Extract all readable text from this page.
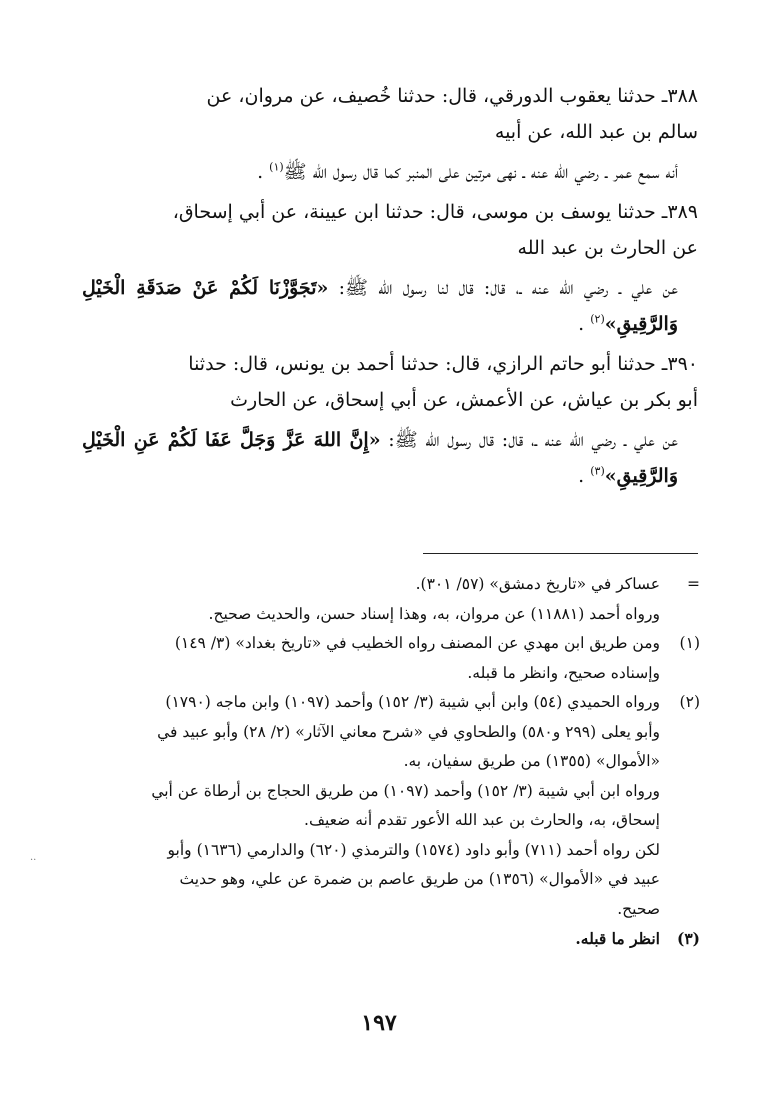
٣٨٨ـ حدثنا يعقوب الدورقي، قال: حدثنا خُصيف، عن مروان، عن
سالم بن عبد الله، عن أبيه

أنه سمع عمر ـ رضي الله عنه ـ نهى مرتين على المنبر كما قال رسول الله ﷺ$^{(١)}$ .

٣٨٩ـ حدثنا يوسف بن موسى، قال: حدثنا ابن عيينة، عن أبي إسحاق،
عن الحارث بن عبد الله

عن علي ـ رضي الله عنه ـ، قال: قال لنا رسول الله ﷺ: «تَجَوَّزْنَا لَكُمْ عَنْ صَدَقَةِ الْخَيْلِ وَالرَّقِيقِ»$^{(٢)}$ .

٣٩٠ـ حدثنا أبو حاتم الرازي، قال: حدثنا أحمد بن يونس، قال: حدثنا
أبو بكر بن عياش، عن الأعمش، عن أبي إسحاق، عن الحارث

عن علي ـ رضي الله عنه ـ، قال: قال رسول الله ﷺ: «إِنَّ اللهَ عَزَّ وَجَلَّ عَفَا لَكُمْ عَنِ الْخَيْلِ وَالرَّقِيقِ»$^{(٣)}$ .

=
عساكر في «تاريخ دمشق» (٥٧/ ٣٠١).
ورواه أحمد (١١٨٨١) عن مروان، به، وهذا إسناد حسن، والحديث صحيح.
(١)
ومن طريق ابن مهدي عن المصنف رواه الخطيب في «تاريخ بغداد» (٣/ ١٤٩)
وإسناده صحيح، وانظر ما قبله.
(٢)
ورواه الحميدي (٥٤) وابن أبي شيبة (٣/ ١٥٢) وأحمد (١٠٩٧) وابن ماجه (١٧٩٠)
وأبو يعلى (٢٩٩ و٥٨٠) والطحاوي في «شرح معاني الآثار» (٢/ ٢٨) وأبو عبيد في
«الأموال» (١٣٥٥) من طريق سفيان، به.
ورواه ابن أبي شيبة (٣/ ١٥٢) وأحمد (١٠٩٧) من طريق الحجاج بن أرطاة عن أبي
إسحاق، به، والحارث بن عبد الله الأعور تقدم أنه ضعيف.
لكن رواه أحمد (٧١١) وأبو داود (١٥٧٤) والترمذي (٦٢٠) والدارمي (١٦٣٦) وأبو
عبيد في «الأموال» (١٣٥٦) من طريق عاصم بن ضمرة عن علي، وهو حديث
صحيح.
(٣)
انظر ما قبله.
..
١٩٧
